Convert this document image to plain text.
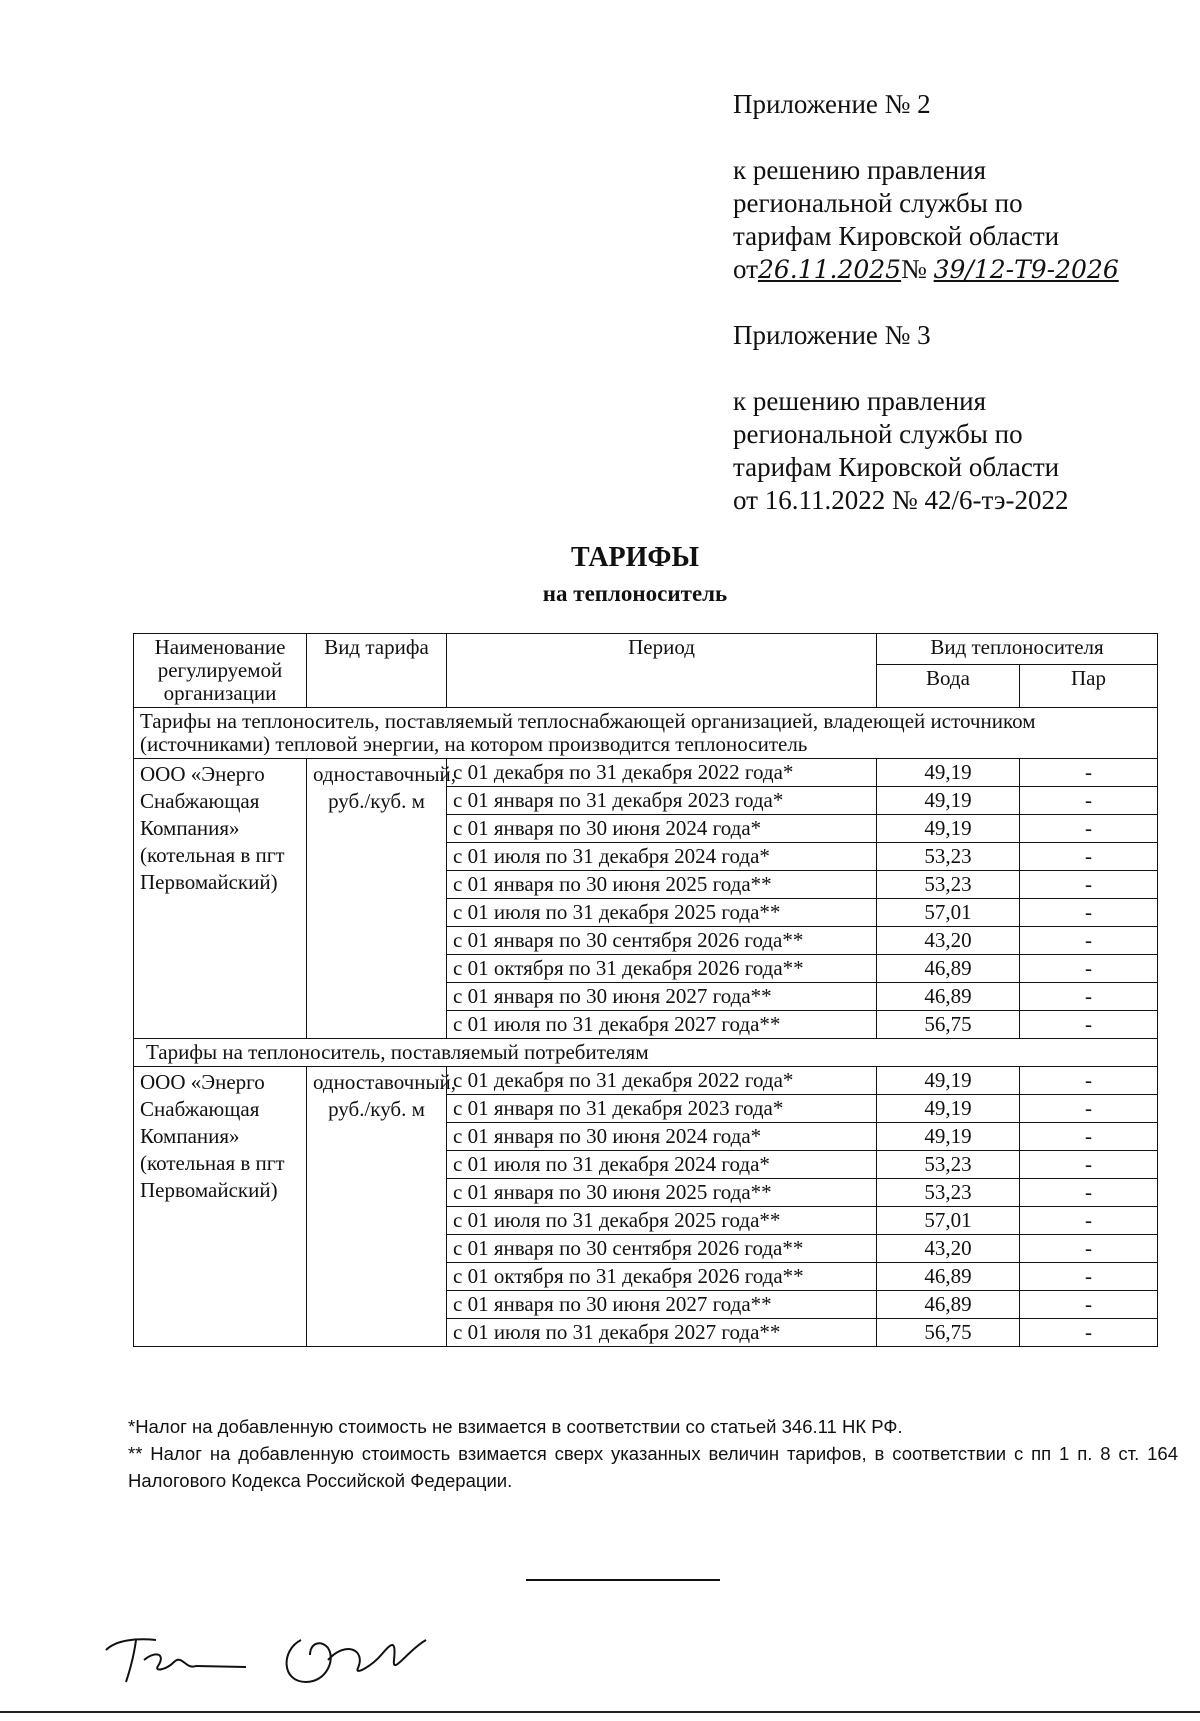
Приложение № 2

к решению правления

региональной службы по

тарифам Кировской области

от26.11.2025№ 39/12-Т9-2026

Приложение № 3

к решению правления

региональной службы по

тарифам Кировской области

от 16.11.2022 № 42/6-тэ-2022

ТАРИФЫ
на теплоноситель
Наименование регулируемой организации	Вид тарифа	Период	Вид теплоносителя	
			Вода	Пар
Тарифы на теплоноситель, поставляемый теплоснабжающей организацией, владеющей источником (источниками) тепловой энергии, на котором производится теплоноситель				
ООО «Энерго Снабжающая Компания» (котельная в пгт Первомайский)	одноставочный, руб./куб. м	с 01 декабря по 31 декабря 2022 года*	49,19	-
		с 01 января по 31 декабря 2023 года*	49,19	-
		с 01 января по 30 июня 2024 года*	49,19	-
		с 01 июля по 31 декабря 2024 года*	53,23	-
		с 01 января по 30 июня 2025 года**	53,23	-
		с 01 июля по 31 декабря 2025 года**	57,01	-
		с 01 января по 30 сентября 2026 года**	43,20	-
		с 01 октября по 31 декабря 2026 года**	46,89	-
		с 01 января по 30 июня 2027 года**	46,89	-
		с 01 июля по 31 декабря 2027 года**	56,75	-
Тарифы на теплоноситель, поставляемый потребителям				
ООО «Энерго Снабжающая Компания» (котельная в пгт Первомайский)	одноставочный, руб./куб. м	с 01 декабря по 31 декабря 2022 года*	49,19	-
		с 01 января по 31 декабря 2023 года*	49,19	-
		с 01 января по 30 июня 2024 года*	49,19	-
		с 01 июля по 31 декабря 2024 года*	53,23	-
		с 01 января по 30 июня 2025 года**	53,23	-
		с 01 июля по 31 декабря 2025 года**	57,01	-
		с 01 января по 30 сентября 2026 года**	43,20	-
		с 01 октября по 31 декабря 2026 года**	46,89	-
		с 01 января по 30 июня 2027 года**	46,89	-
		с 01 июля по 31 декабря 2027 года**	56,75	-

*Налог на добавленную стоимость не взимается в соответствии со статьей 346.11 НК РФ.

** Налог на добавленную стоимость взимается сверх указанных величин тарифов, в соответствии с пп 1 п. 8 ст. 164 Налогового Кодекса Российской Федерации.
